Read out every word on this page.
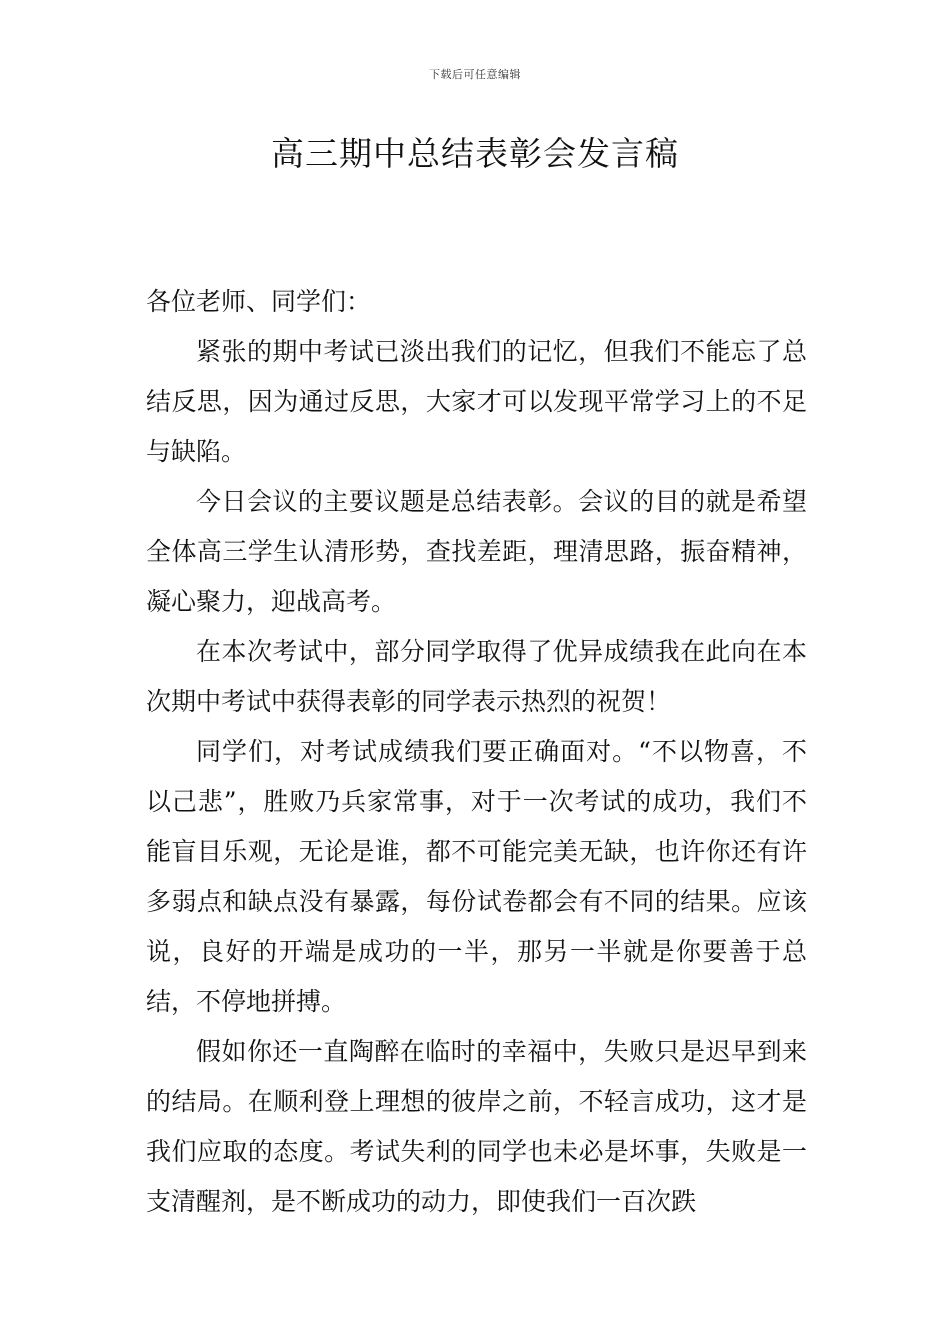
下载后可任意编辑
高三期中总结表彰会发言稿

各位老师、同学们：

紧张的期中考试已淡出我们的记忆，但我们不能忘了总结反思，因为通过反思，大家才可以发现平常学习上的不足与缺陷。

今日会议的主要议题是总结表彰。会议的目的就是希望全体高三学生认清形势，查找差距，理清思路，振奋精神，凝心聚力，迎战高考。

在本次考试中，部分同学取得了优异成绩我在此向在本次期中考试中获得表彰的同学表示热烈的祝贺！

同学们，对考试成绩我们要正确面对。“不以物喜，不以己悲”，胜败乃兵家常事，对于一次考试的成功，我们不能盲目乐观，无论是谁，都不可能完美无缺，也许你还有许多弱点和缺点没有暴露，每份试卷都会有不同的结果。应该说，良好的开端是成功的一半，那另一半就是你要善于总结，不停地拼搏。

假如你还一直陶醉在临时的幸福中，失败只是迟早到来的结局。在顺利登上理想的彼岸之前，不轻言成功，这才是我们应取的态度。考试失利的同学也未必是坏事，失败是一支清醒剂，是不断成功的动力，即使我们一百次跌
